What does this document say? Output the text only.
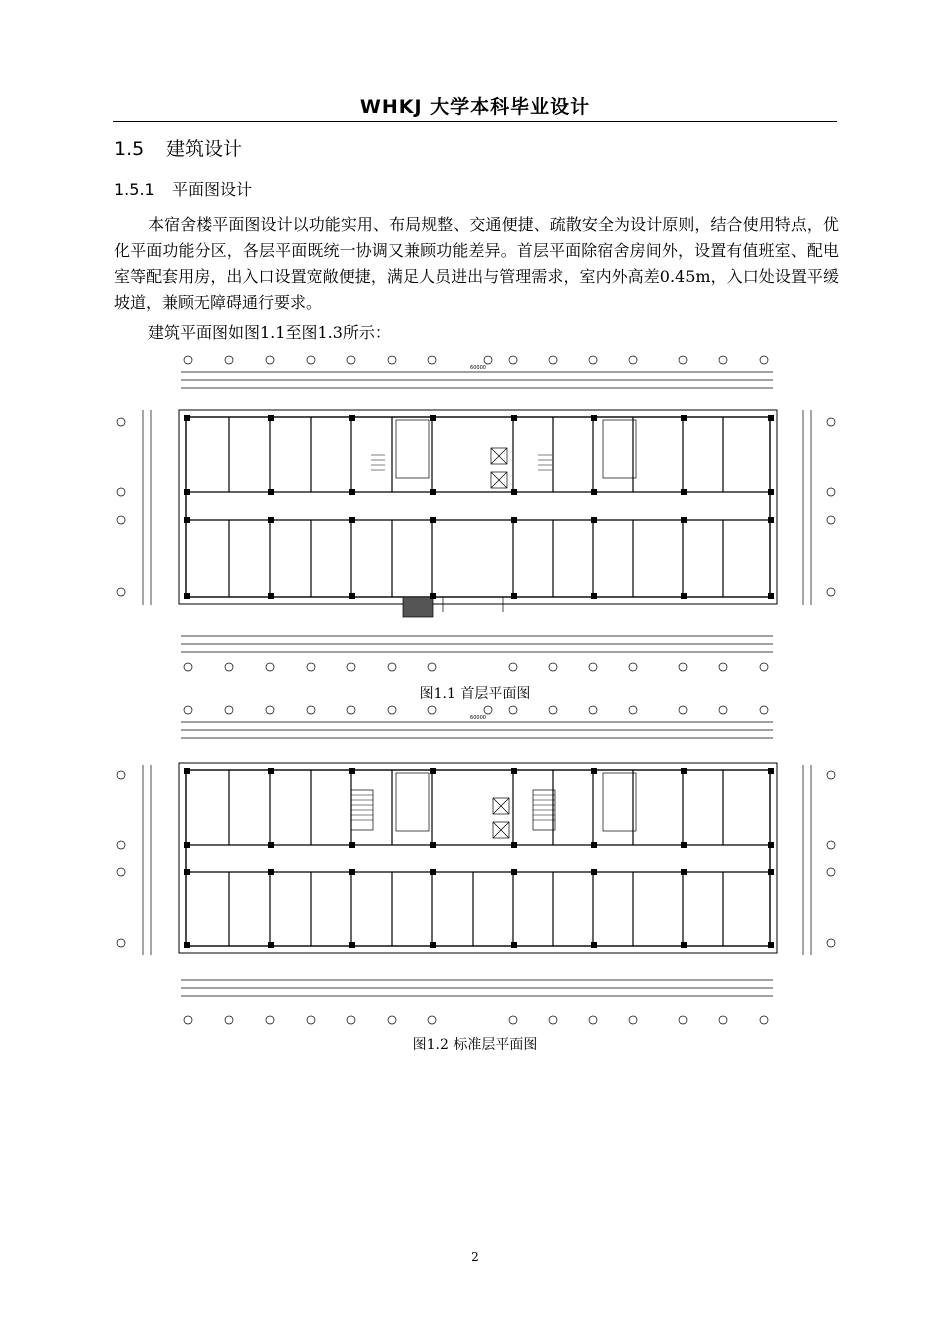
WHKJ 大学本科毕业设计
1.5 建筑设计
1.5.1 平面图设计
本宿舍楼平面图设计以功能实用、布局规整、交通便捷、疏散安全为设计原则，结合使用特点，优化平面功能分区，各层平面既统一协调又兼顾功能差异。首层平面除宿舍房间外，设置有值班室、配电室等配套用房，出入口设置宽敞便捷，满足人员进出与管理需求，室内外高差0.45m，入口处设置平缓坡道，兼顾无障碍通行要求。
建筑平面图如图1.1至图1.3所示：
60000
图1.1 首层平面图
60000
图1.2 标准层平面图
2
